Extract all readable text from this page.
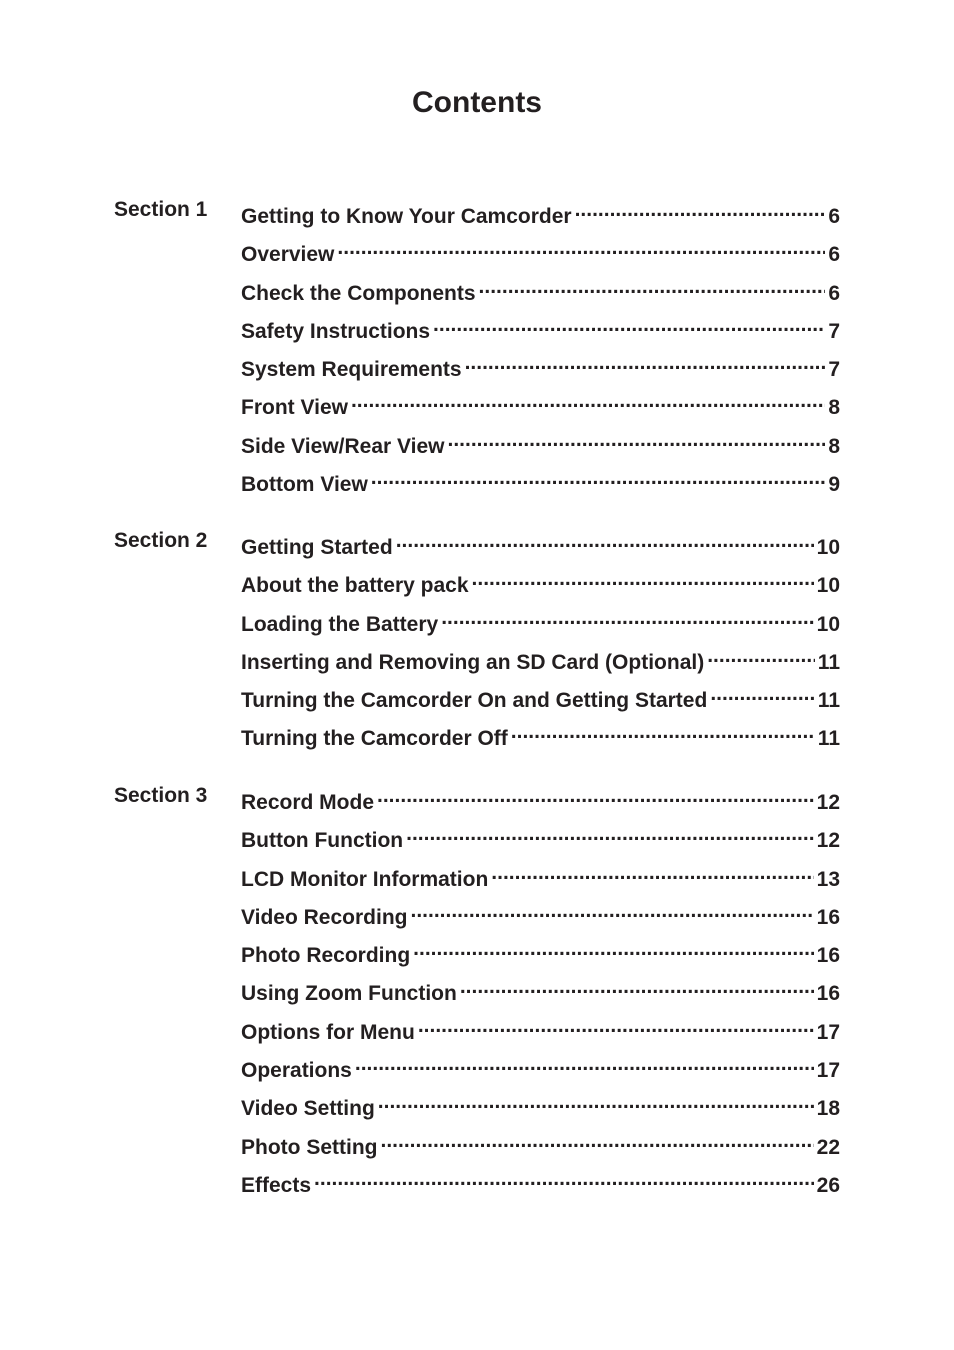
Contents
Section 1 Getting to Know Your Camcorder .....	6
Overview .....	6
Check the Components .....	6
Safety Instructions .....	7
System Requirements .....	7
Front View .....	8
Side View/Rear View .....	8
Bottom View .....	9
Section 2 Getting Started .....	10
About the battery pack .....	10
Loading the Battery .....	10
Inserting and Removing an SD Card (Optional) .....	11
Turning the Camcorder On and Getting Started .....	11
Turning the Camcorder Off .....	11
Section 3 Record Mode .....	12
Button Function .....	12
LCD Monitor Information .....	13
Video Recording .....	16
Photo Recording .....	16
Using Zoom Function .....	16
Options for Menu .....	17
Operations .....	17
Video Setting .....	18
Photo Setting .....	22
Effects .....	26
